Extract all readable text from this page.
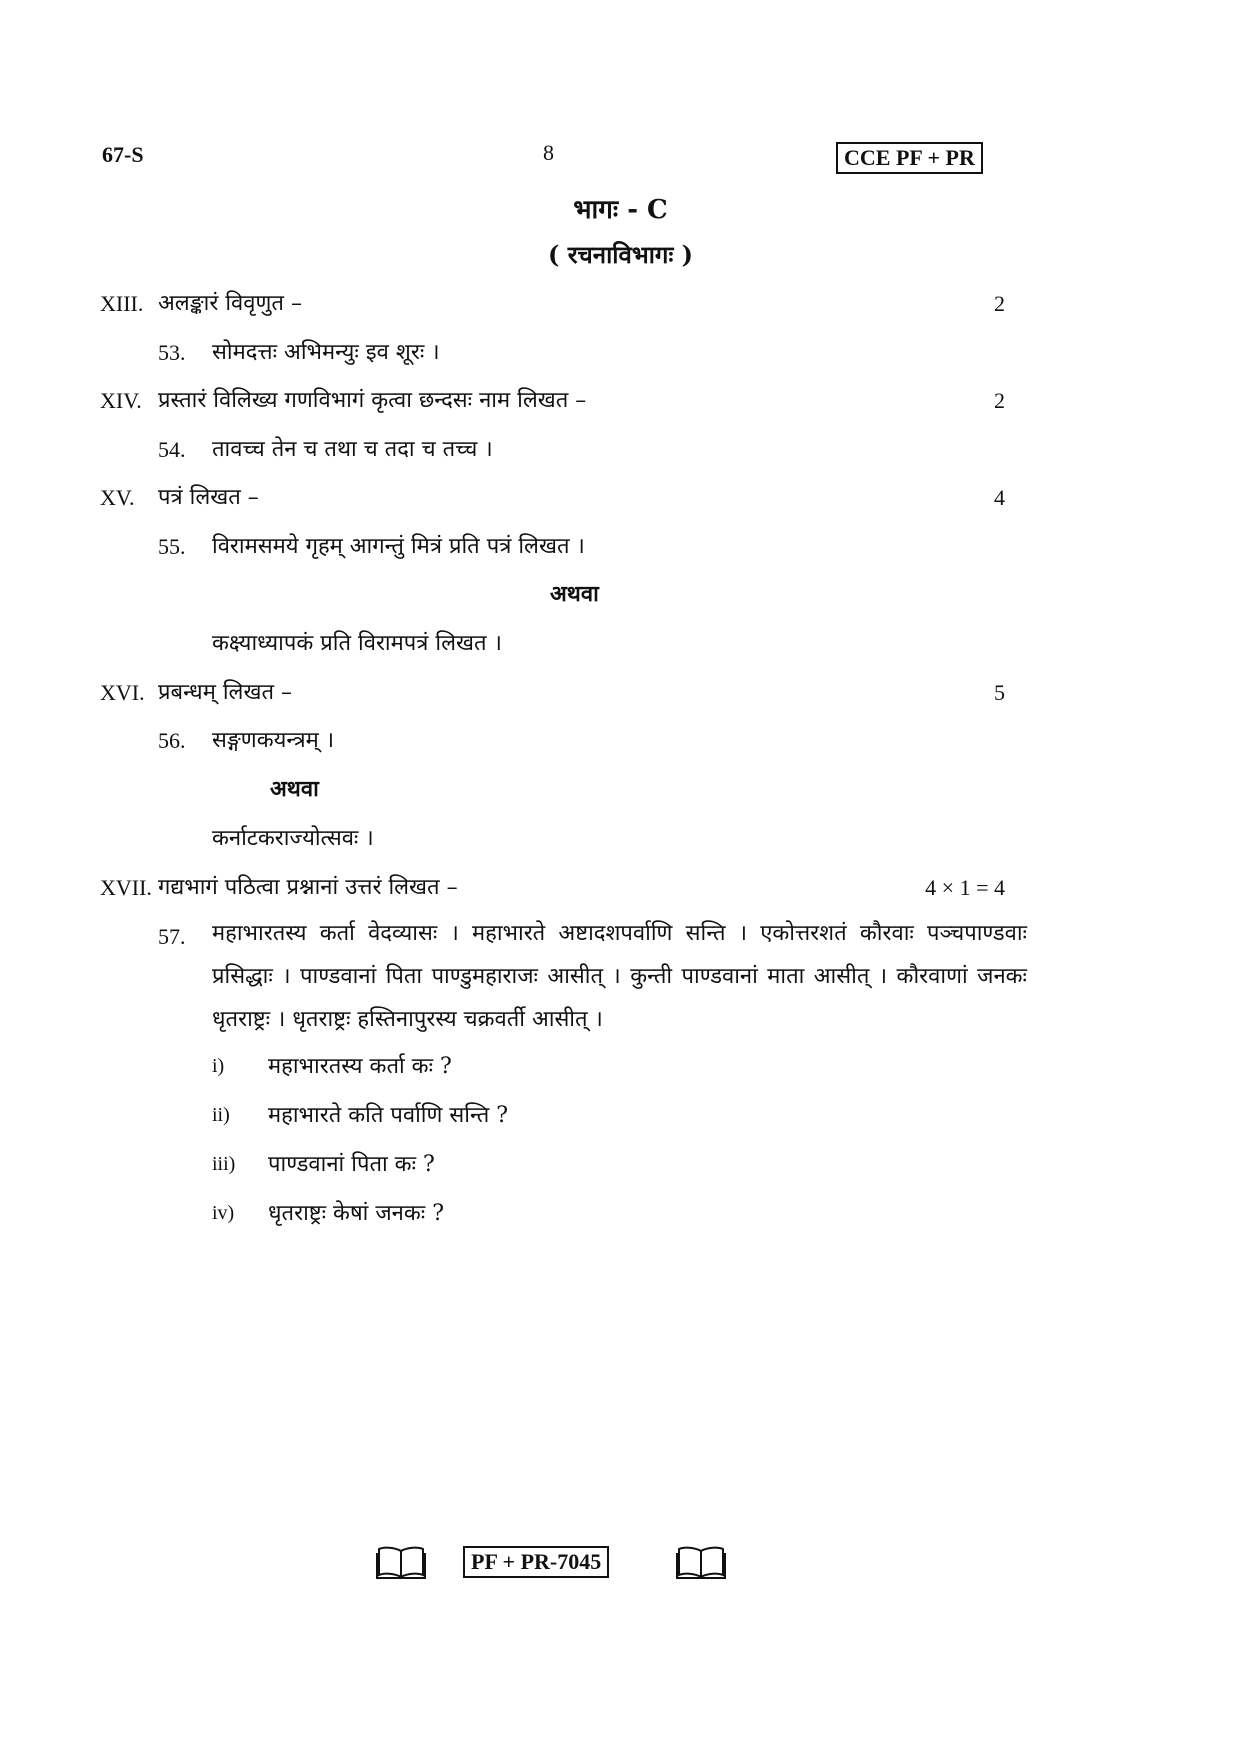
67-S	8	CCE PF + PR
भागः - C
( रचनाविभागः )
XIII. अलङ्कारं विवृणुत –	2
53. सोमदत्तः अभिमन्युः इव शूरः ।
XIV. प्रस्तारं विलिख्य गणविभागं कृत्वा छन्दसः नाम लिखत –	2
54. तावच्च तेन च तथा च तदा च तच्च ।
XV. पत्रं लिखत –	4
55. विरामसमये गृहम् आगन्तुं मित्रं प्रति पत्रं लिखत ।
अथवा
कक्ष्याध्यापकं प्रति विरामपत्रं लिखत ।
XVI. प्रबन्धम् लिखत –	5
56. सङ्गणकयन्त्रम् ।
अथवा
कर्नाटकराज्योत्सवः ।
XVII. गद्यभागं पठित्वा प्रश्नानां उत्तरं लिखत –	4 × 1 = 4
57. महाभारतस्य कर्ता वेदव्यासः । महाभारते अष्टादशपर्वाणि सन्ति । एकोत्तरशतं कौरवाः पञ्चपाण्डवाः प्रसिद्धाः । पाण्डवानां पिता पाण्डुमहाराजः आसीत् । कुन्ती पाण्डवानां माता आसीत् । कौरवाणां जनकः धृतराष्ट्रः । धृतराष्ट्रः हस्तिनापुरस्य चक्रवर्ती आसीत् ।
i) महाभारतस्य कर्ता कः ?
ii) महाभारते कति पर्वाणि सन्ति ?
iii) पाण्डवानां पिता कः ?
iv) धृतराष्ट्रः केषां जनकः ?
PF + PR-7045
